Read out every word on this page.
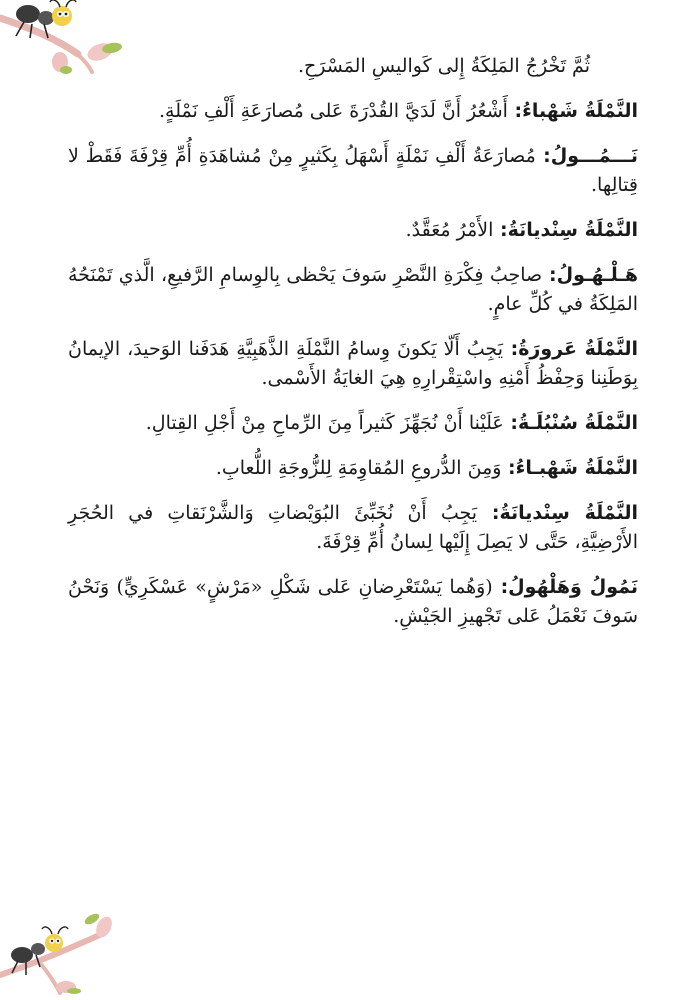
ثُمَّ تَخْرُجُ المَلِكَةُ إِلى كَواليسِ المَسْرَحِ.

النَّمْلَةُ شَهْباءُ: أَشْعُرُ أَنَّ لَدَيَّ القُدْرَةَ عَلى مُصارَعَةِ أَلْفِ نَمْلَةٍ.

نَـــمُـــولُ: مُصارَعَةُ أَلْفِ نَمْلَةٍ أَسْهَلُ بِكَثيرٍ مِنْ مُشاهَدَةِ أُمِّ قِرْفَةَ فَقَطْ لا قِتالِها.

النَّمْلَةُ سِنْديانَةُ: الأَمْرُ مُعَقَّدٌ.

هَـلْـهُـولُ: صاحِبُ فِكْرَةِ النَّصْرِ سَوفَ يَحْظى بِالوِسامِ الرَّفيعِ، الَّذي تَمْنَحُهُ المَلِكَةُ في كُلِّ عامٍ.

النَّمْلَةُ عَرورَةُ: يَجِبُ أَلّا يَكونَ وِسامُ النَّمْلَةِ الذَّهَبِيَّةِ هَدَفَنا الوَحيدَ، الإيمانُ بِوَطَنِنا وَحِفْظُ أَمْنِهِ واسْتِقْرارِهِ هِيَ الغايَةُ الأَسْمى.

النَّمْلَةُ سُنْبُلَـةُ: عَلَيْنا أَنْ نُجَهِّزَ كَثيراً مِنَ الرِّماحِ مِنْ أَجْلِ القِتالِ.

النَّمْلَةُ شَهْبـاءُ: وَمِنَ الدُّروعِ المُقاوِمَةِ لِلزُّوجَةِ اللُّعابِ.

النَّمْلَةُ سِنْديانَةُ: يَجِبُ أَنْ نُخَبِّئَ البُوَيْضاتِ وَالشَّرْنَقاتِ في الحُجَرِ الأَرْضِيَّةِ، حَتَّى لا يَصِلَ إِلَيْها لِسانُ أُمِّ قِرْفَةَ.

نَمُولُ وَهَلْهُولُ: (وَهُما يَسْتَعْرِضانِ عَلى شَكْلِ «مَرْشٍ» عَسْكَرِيٍّ) وَنَحْنُ سَوفَ نَعْمَلُ عَلى تَجْهيزِ الجَيْشِ.
